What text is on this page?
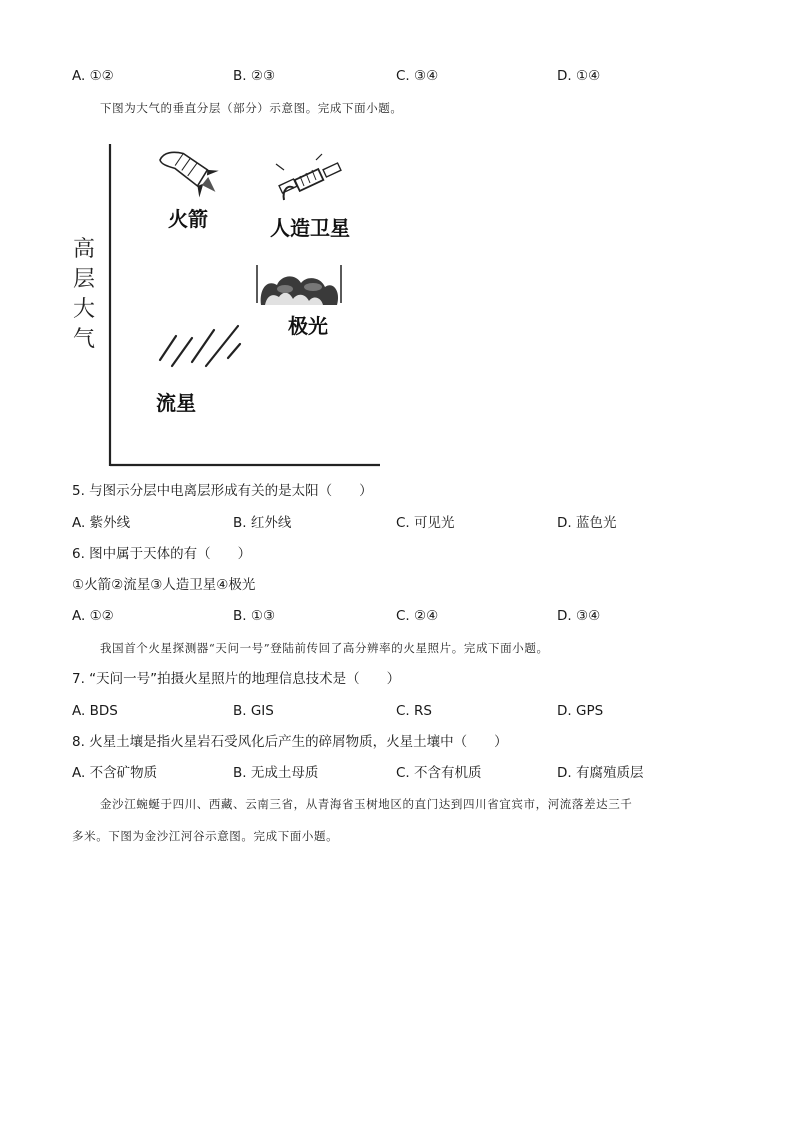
A. ①②	B. ②③	C. ③④	D. ①④
下图为大气的垂直分层（部分）示意图。完成下面小题。
高
层
大
气
火箭	人造卫星
极光
流星
5. 与图示分层中电离层形成有关的是太阳（　　）
A. 紫外线	B. 红外线	C. 可见光	D. 蓝色光
6. 图中属于天体的有（　　）
①火箭②流星③人造卫星④极光
A. ①②	B. ①③	C. ②④	D. ③④
我国首个火星探测器“天问一号”登陆前传回了高分辨率的火星照片。完成下面小题。
7. “天问一号”拍摄火星照片的地理信息技术是（　　）
A. BDS	B. GIS	C. RS	D. GPS
8. 火星土壤是指火星岩石受风化后产生的碎屑物质，火星土壤中（　　）
A. 不含矿物质	B. 无成土母质	C. 不含有机质	D. 有腐殖质层
金沙江蜿蜒于四川、西藏、云南三省，从青海省玉树地区的直门达到四川省宜宾市，河流落差达三千
多米。下图为金沙江河谷示意图。完成下面小题。
